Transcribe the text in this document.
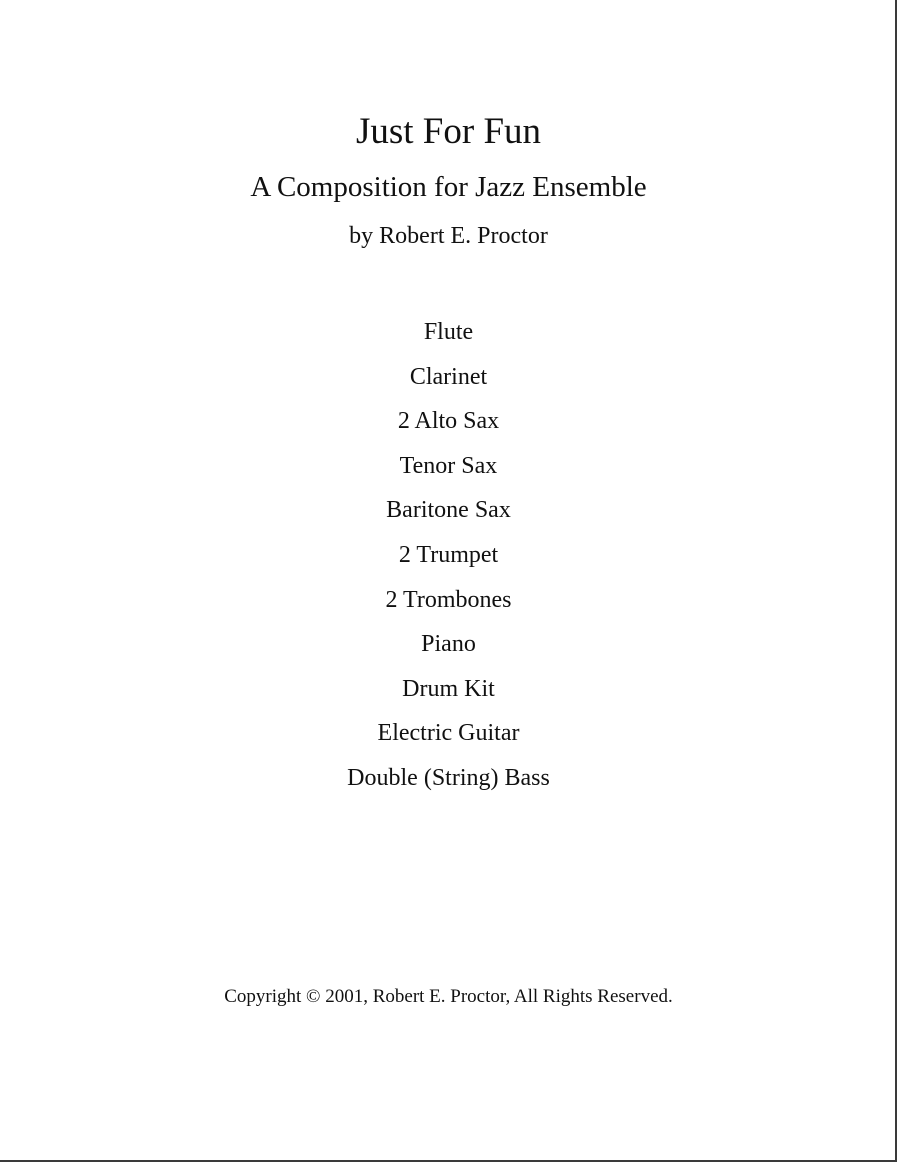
Just For Fun
A Composition for Jazz Ensemble
by Robert E. Proctor
Flute
Clarinet
2 Alto Sax
Tenor Sax
Baritone Sax
2 Trumpet
2 Trombones
Piano
Drum Kit
Electric Guitar
Double (String) Bass
Copyright © 2001, Robert E. Proctor, All Rights Reserved.
